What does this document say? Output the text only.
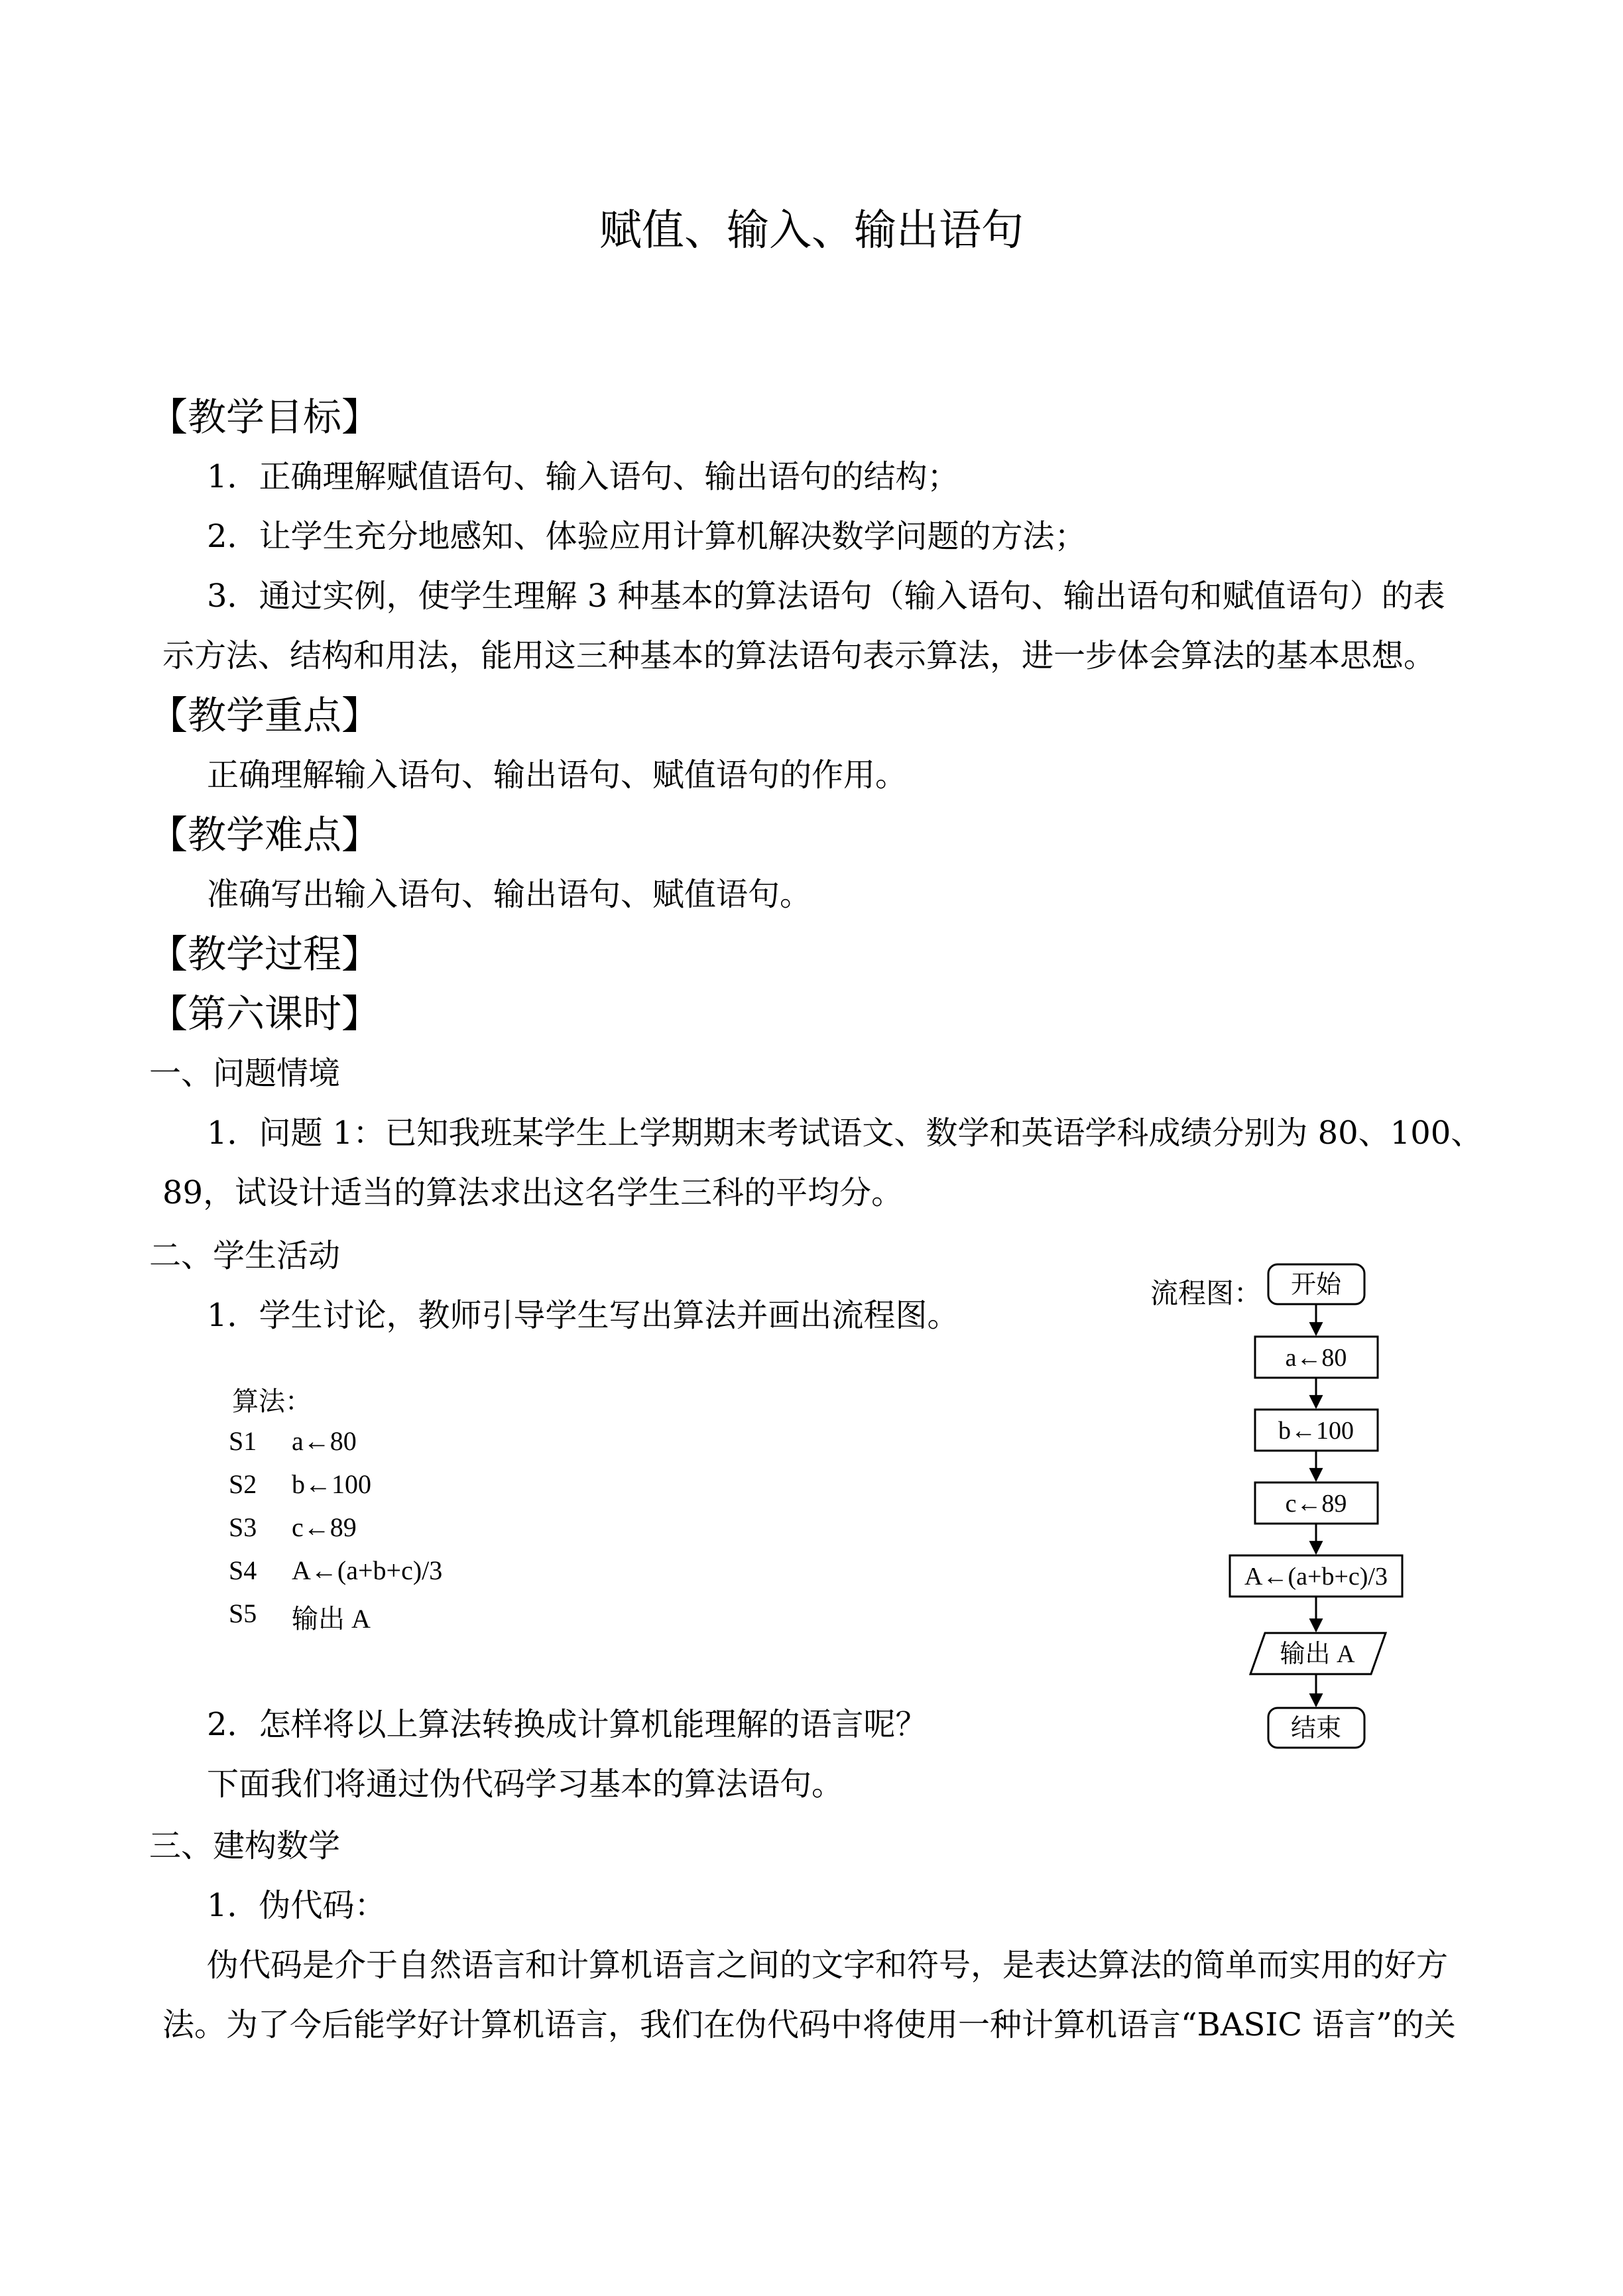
赋值、输入、输出语句
【教学目标】
1．正确理解赋值语句、输入语句、输出语句的结构；
2．让学生充分地感知、体验应用计算机解决数学问题的方法；
3．通过实例，使学生理解 3 种基本的算法语句（输入语句、输出语句和赋值语句）的表
示方法、结构和用法，能用这三种基本的算法语句表示算法，进一步体会算法的基本思想。
【教学重点】
正确理解输入语句、输出语句、赋值语句的作用。
【教学难点】
准确写出输入语句、输出语句、赋值语句。
【教学过程】
【第六课时】
一、问题情境
1．问题 1：已知我班某学生上学期期末考试语文、数学和英语学科成绩分别为 80、100、
89，试设计适当的算法求出这名学生三科的平均分。
二、学生活动
1．学生讨论，教师引导学生写出算法并画出流程图。
算法：
S1 a←80
S2 b←100
S3 c←89
S4 A←(a+b+c)/3
S5 输出 A
流程图： 开始
a←80
b←100
c←89
A←(a+b+c)/3
输出 A
结束
2．怎样将以上算法转换成计算机能理解的语言呢？
下面我们将通过伪代码学习基本的算法语句。
三、建构数学
1．伪代码：
伪代码是介于自然语言和计算机语言之间的文字和符号，是表达算法的简单而实用的好方
法。为了今后能学好计算机语言，我们在伪代码中将使用一种计算机语言“BASIC 语言”的关
